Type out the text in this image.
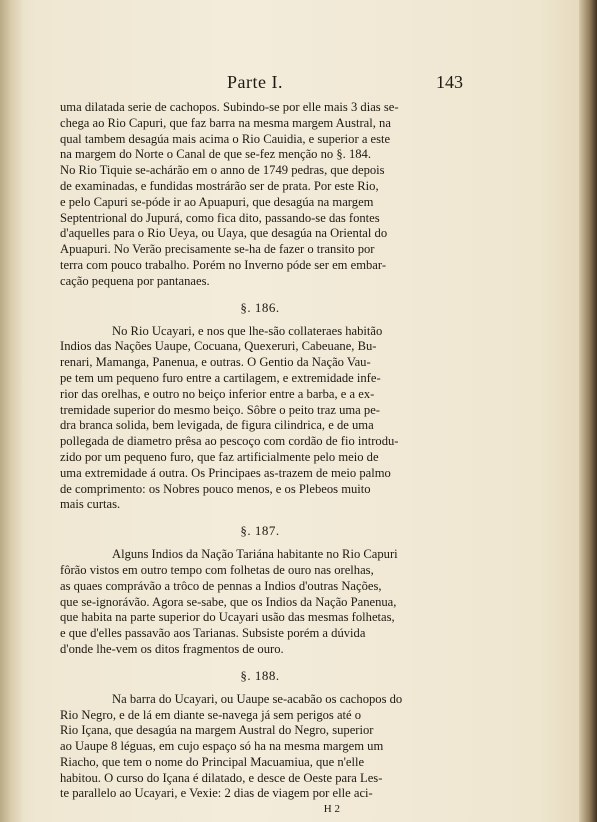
Parte I.	143

uma dilatada serie de cachopos. Subindo-se por elle mais 3 dias se-
chega ao Rio Capuri, que faz barra na mesma margem Austral, na
qual tambem desagúa mais acima o Rio Cauidia, e superior a este
na margem do Norte o Canal de que se-fez menção no §. 184.
No Rio Tiquie se-achárão em o anno de 1749 pedras, que depois
de examinadas, e fundidas mostrárão ser de prata. Por este Rio,
e pelo Capuri se-póde ir ao Apuapuri, que desagúa na margem
Septentrional do Jupurá, como fica dito, passando-se das fontes
d'aquelles para o Rio Ueya, ou Uaya, que desagúa na Oriental do
Apuapuri. No Verão precisamente se-ha de fazer o transito por
terra com pouco trabalho. Porém no Inverno póde ser em embar-
cação pequena por pantanaes.

§. 186.

No Rio Ucayari, e nos que lhe-são collateraes habitão
Indios das Nações Uaupe, Cocuana, Quexeruri, Cabeuane, Bu-
renari, Mamanga, Panenua, e outras. O Gentio da Nação Vau-
pe tem um pequeno furo entre a cartilagem, e extremidade infe-
rior das orelhas, e outro no beiço inferior entre a barba, e a ex-
tremidade superior do mesmo beiço. Sôbre o peito traz uma pe-
dra branca solida, bem levigada, de figura cilindrica, e de uma
pollegada de diametro prêsa ao pescoço com cordão de fio introdu-
zido por um pequeno furo, que faz artificialmente pelo meio de
uma extremidade á outra. Os Principaes as-trazem de meio palmo
de comprimento: os Nobres pouco menos, e os Plebeos muito
mais curtas.

§. 187.

Alguns Indios da Nação Tariána habitante no Rio Capuri
fôrão vistos em outro tempo com folhetas de ouro nas orelhas,
as quaes comprávão a trôco de pennas a Indios d'outras Nações,
que se-ignorávão. Agora se-sabe, que os Indios da Nação Panenua,
que habita na parte superior do Ucayari usão das mesmas folhetas,
e que d'elles passavão aos Tarianas. Subsiste porém a dúvida
d'onde lhe-vem os ditos fragmentos de ouro.

§. 188.

Na barra do Ucayari, ou Uaupe se-acabão os cachopos do
Rio Negro, e de lá em diante se-navega já sem perigos até o
Rio Içana, que desagúa na margem Austral do Negro, superior
ao Uaupe 8 léguas, em cujo espaço só ha na mesma margem um
Riacho, que tem o nome do Principal Macuamiua, que n'elle
habitou. O curso do Içana é dilatado, e desce de Oeste para Les-
te parallelo ao Ucayari, e Vexie: 2 dias de viagem por elle aci-

H 2
